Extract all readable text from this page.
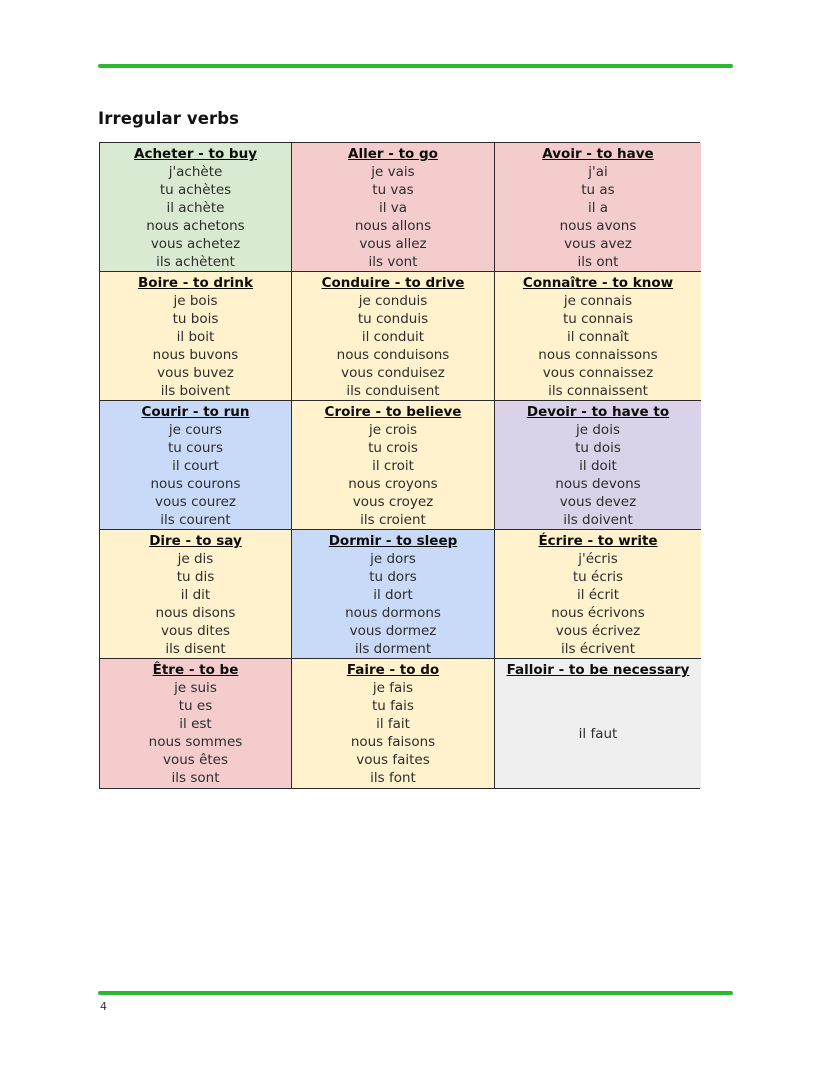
Irregular verbs
Acheter - to buy
j'achète
tu achètes
il achète
nous achetons
vous achetez
ils achètent
Aller - to go
je vais
tu vas
il va
nous allons
vous allez
ils vont
Avoir - to have
j'ai
tu as
il a
nous avons
vous avez
ils ont
Boire - to drink
je bois
tu bois
il boit
nous buvons
vous buvez
ils boivent
Conduire - to drive
je conduis
tu conduis
il conduit
nous conduisons
vous conduisez
ils conduisent
Connaître - to know
je connais
tu connais
il connaît
nous connaissons
vous connaissez
ils connaissent
Courir - to run
je cours
tu cours
il court
nous courons
vous courez
ils courent
Croire - to believe
je crois
tu crois
il croit
nous croyons
vous croyez
ils croient
Devoir - to have to
je dois
tu dois
il doit
nous devons
vous devez
ils doivent
Dire - to say
je dis
tu dis
il dit
nous disons
vous dites
ils disent
Dormir - to sleep
je dors
tu dors
il dort
nous dormons
vous dormez
ils dorment
Écrire - to write
j'écris
tu écris
il écrit
nous écrivons
vous écrivez
ils écrivent
Être - to be
je suis
tu es
il est
nous sommes
vous êtes
ils sont
Faire - to do
je fais
tu fais
il fait
nous faisons
vous faites
ils font
Falloir - to be necessary
il faut
4
